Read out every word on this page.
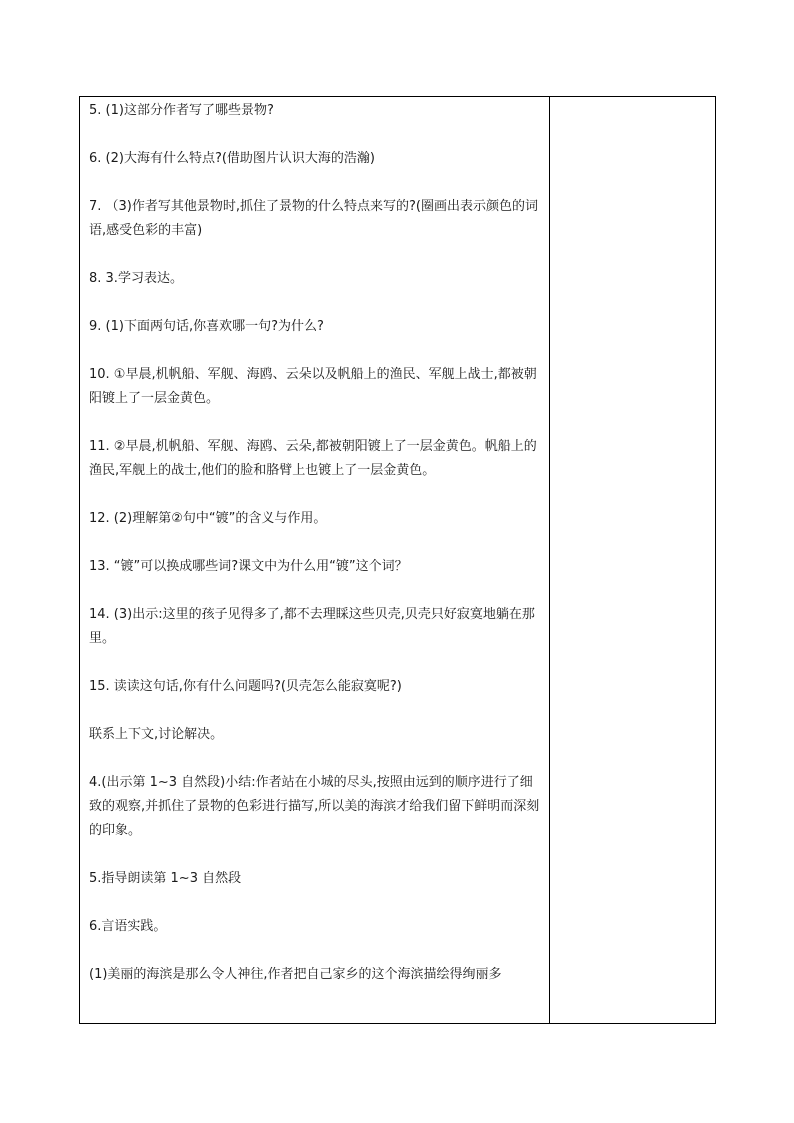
5. (1)这部分作者写了哪些景物?

6. (2)大海有什么特点?(借助图片认识大海的浩瀚)

7. （3)作者写其他景物时,抓住了景物的什么特点来写的?(圈画出表示颜色的词语,感受色彩的丰富)

8. 3.学习表达。

9. (1)下面两句话,你喜欢哪一句?为什么?

10. ①早晨,机帆船、军舰、海鸥、云朵以及帆船上的渔民、军舰上战士,都被朝阳镀上了一层金黄色。

11. ②早晨,机帆船、军舰、海鸥、云朵,都被朝阳镀上了一层金黄色。帆船上的渔民,军舰上的战士,他们的脸和胳臂上也镀上了一层金黄色。

12. (2)理解第②句中“镀”的含义与作用。

13. “镀”可以换成哪些词?课文中为什么用“镀”这个词？

14. (3)出示:这里的孩子见得多了,都不去理睬这些贝壳,贝壳只好寂寞地躺在那里。

15. 读读这句话,你有什么问题吗?(贝壳怎么能寂寞呢?)

联系上下文,讨论解决。

4.(出示第 1~3 自然段)小结:作者站在小城的尽头,按照由远到的顺序进行了细致的观察,并抓住了景物的色彩进行描写,所以美的海滨才给我们留下鲜明而深刻的印象。

5.指导朗读第 1~3 自然段

6.言语实践。

(1)美丽的海滨是那么令人神往,作者把自己家乡的这个海滨描绘得绚丽多
